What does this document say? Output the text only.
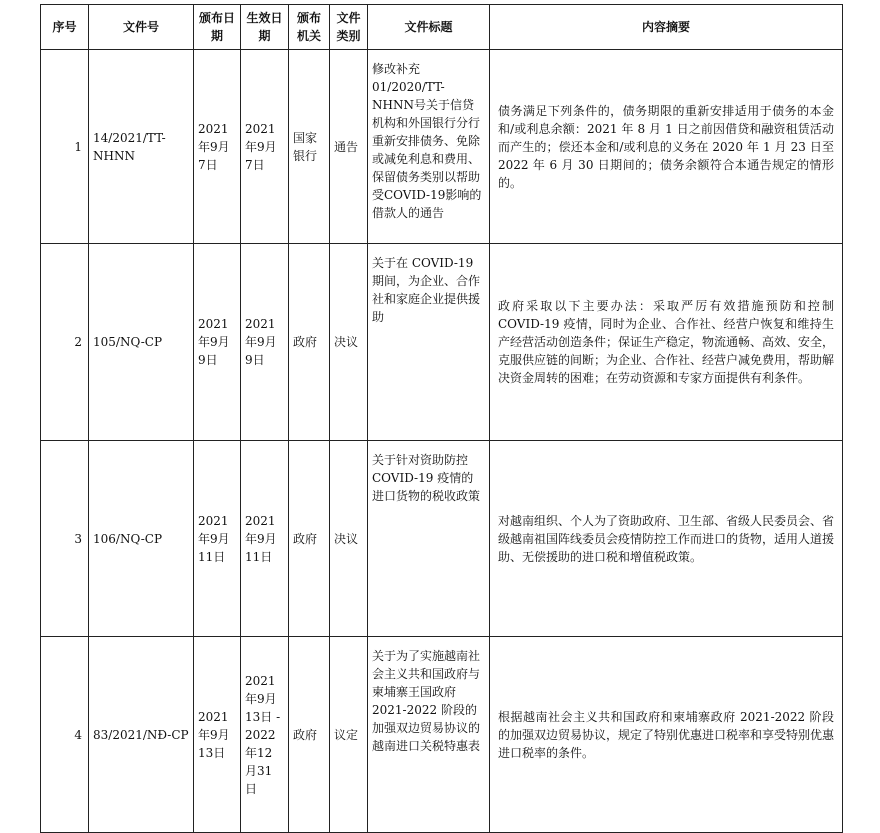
序号	文件号	颁布日期	生效日期	颁布机关	文件类别	文件标题	内容摘要
1	14/2021/TT-NHNN	2021年9月7日	2021年9月7日	国家银行	通告	修改补充01/2020/TT-NHNN号关于信贷机构和外国银行分行重新安排债务、免除或减免利息和费用、保留债务类别以帮助受COVID-19影响的借款人的通告	债务满足下列条件的，债务期限的重新安排适用于债务的本金和/或利息余额：2021 年 8 月 1 日之前因借贷和融资租赁活动而产生的；偿还本金和/或利息的义务在 2020 年 1 月 23 日至 2022 年 6 月 30 日期间的；债务余额符合本通告规定的情形的。
2	105/NQ-CP	2021年9月9日	2021年9月9日	政府	决议	关于在 COVID-19 期间，为企业、合作社和家庭企业提供援助	政府采取以下主要办法：采取严厉有效措施预防和控制 COVID-19 疫情，同时为企业、合作社、经营户恢复和维持生产经营活动创造条件；保证生产稳定，物流通畅、高效、安全，克服供应链的间断；为企业、合作社、经营户减免费用，帮助解决资金周转的困难；在劳动资源和专家方面提供有利条件。
3	106/NQ-CP	2021年9月11日	2021年9月11日	政府	决议	关于针对资助防控 COVID-19 疫情的进口货物的税收政策	对越南组织、个人为了资助政府、卫生部、省级人民委员会、省级越南祖国阵线委员会疫情防控工作而进口的货物，适用人道援助、无偿援助的进口税和增值税政策。
4	83/2021/NĐ-CP	2021年9月13日	2021年9月13日 - 2022年12月31日	政府	议定	关于为了实施越南社会主义共和国政府与柬埔寨王国政府 2021-2022 阶段的加强双边贸易协议的越南进口关税特惠表	根据越南社会主义共和国政府和柬埔寨政府 2021-2022 阶段的加强双边贸易协议，规定了特别优惠进口税率和享受特别优惠进口税率的条件。
